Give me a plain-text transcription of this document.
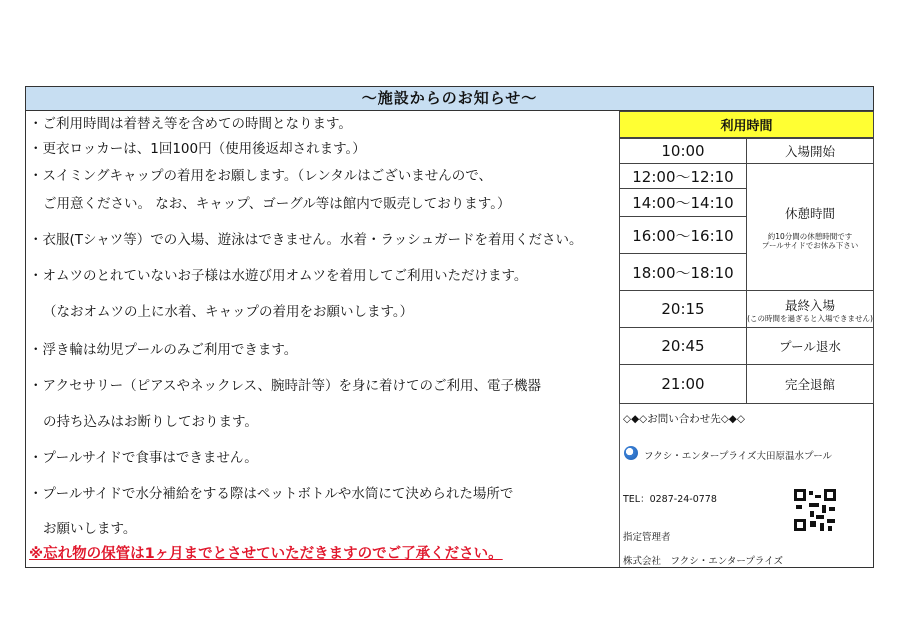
～施設からのお知らせ～
・ご利用時間は着替え等を含めての時間となります。
・更衣ロッカーは、1回100円（使用後返却されます。）
・スイミングキャップの着用をお願します。（レンタルはございませんので、
ご用意ください。 なお、キャップ、ゴーグル等は館内で販売しております。）
・衣服(Tシャツ等）での入場、遊泳はできません。水着・ラッシュガードを着用ください。
・オムツのとれていないお子様は水遊び用オムツを着用してご利用いただけます。
（なおオムツの上に水着、キャップの着用をお願いします。）
・浮き輪は幼児プールのみご利用できます。
・アクセサリー（ピアスやネックレス、腕時計等）を身に着けてのご利用、電子機器
の持ち込みはお断りしております。
・プールサイドで食事はできません。
・プールサイドで水分補給をする際はペットボトルや水筒にて決められた場所で
お願いします。
※忘れ物の保管は1ヶ月までとさせていただきますのでご了承ください。
利用時間
10:00	入場開始
12:00～12:10
14:00～14:10
16:00～16:10
18:00～18:10
休憩時間
約10分間の休憩時間です
プールサイドでお休み下さい
20:15	最終入場
(この時間を過ぎると入場できません)
20:45	プール退水
21:00	完全退館
◇◆◇お問い合わせ先◇◆◇
フクシ・エンタープライズ大田原温水プール
TEL：0287-24-0778
指定管理者
株式会社　フクシ・エンタープライズ
